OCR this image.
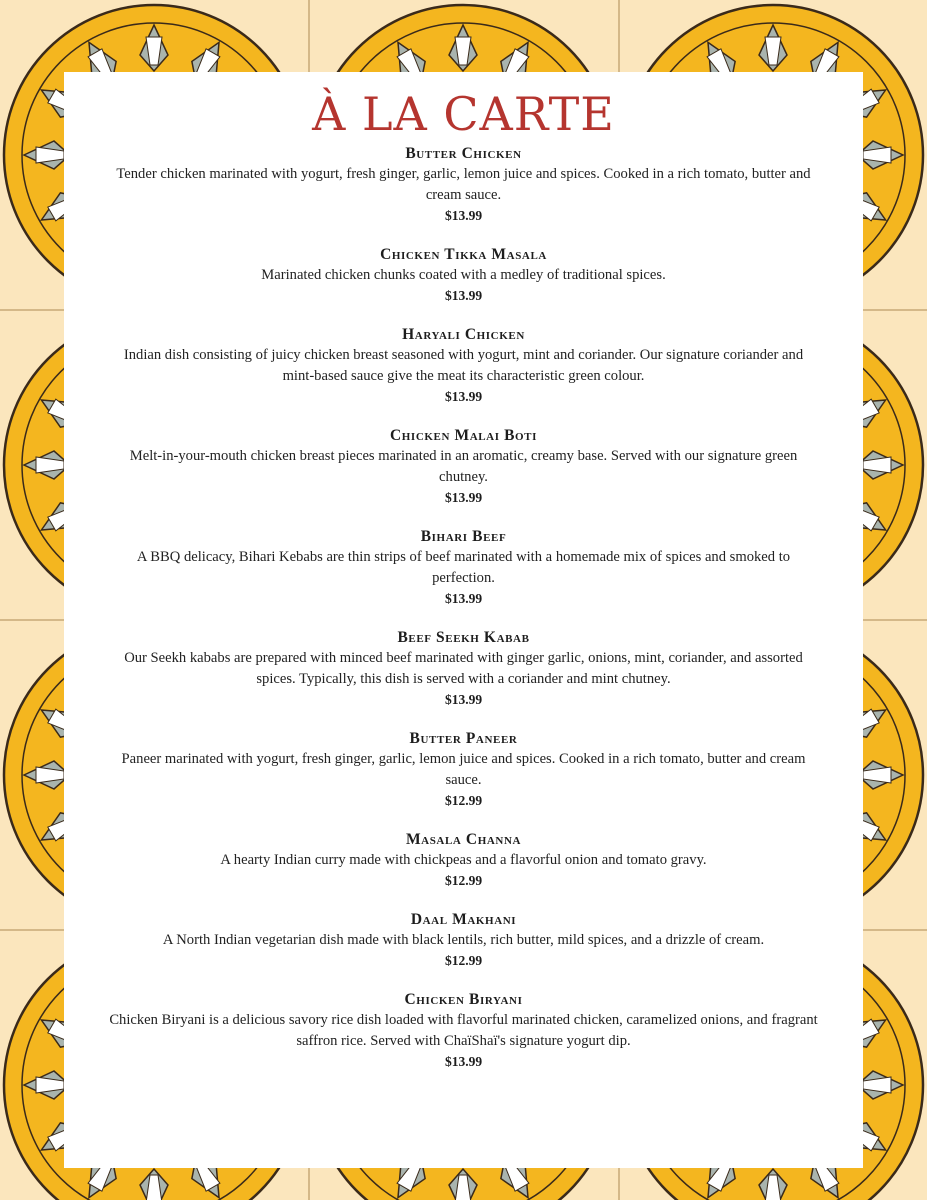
À LA CARTE
Butter Chicken
Tender chicken marinated with yogurt, fresh ginger, garlic, lemon juice and spices. Cooked in a rich tomato, butter and cream sauce.
$13.99
Chicken Tikka Masala
Marinated chicken chunks coated with a medley of traditional spices.
$13.99
Haryali Chicken
Indian dish consisting of juicy chicken breast seasoned with yogurt, mint and coriander. Our signature coriander and mint-based sauce give the meat its characteristic green colour.
$13.99
Chicken Malai Boti
Melt-in-your-mouth chicken breast pieces marinated in an aromatic, creamy base. Served with our signature green chutney.
$13.99
Bihari Beef
A BBQ delicacy, Bihari Kebabs are thin strips of beef marinated with a homemade mix of spices and smoked to perfection.
$13.99
Beef Seekh Kabab
Our Seekh kababs are prepared with minced beef marinated with ginger garlic, onions, mint, coriander, and assorted spices. Typically, this dish is served with a coriander and mint chutney.
$13.99
Butter Paneer
Paneer marinated with yogurt, fresh ginger, garlic, lemon juice and spices. Cooked in a rich tomato, butter and cream sauce.
$12.99
Masala Channa
A hearty Indian curry made with chickpeas and a flavorful onion and tomato gravy.
$12.99
Daal Makhani
A North Indian vegetarian dish made with black lentils, rich butter, mild spices, and a drizzle of cream.
$12.99
Chicken Biryani
Chicken Biryani is a delicious savory rice dish loaded with flavorful marinated chicken, caramelized onions, and fragrant saffron rice. Served with ChaïShaï's signature yogurt dip.
$13.99
